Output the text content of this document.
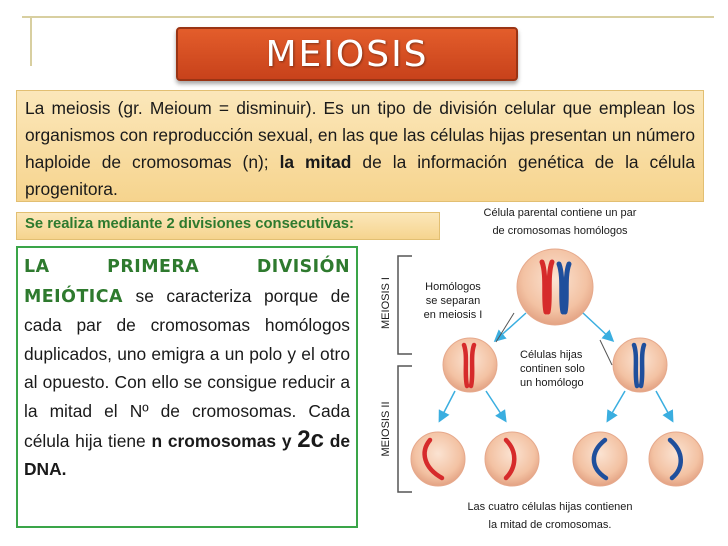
MEIOSIS
La meiosis (gr. Meioum = disminuir). Es un tipo de división celular que emplean los organismos con reproducción sexual, en las que las células hijas presentan un número haploide de cromosomas (n); la mitad de la información genética de la célula progenitora.
Se realiza mediante 2 divisiones consecutivas:
LA PRIMERA DIVISIÓN MEIÓTICA se caracteriza porque de cada par de cromosomas homólogos duplicados, uno emigra a un polo y el otro al opuesto. Con ello se consigue reducir a la mitad el Nº de cromosomas. Cada célula hija tiene n cromosomas y 2c de DNA.
Célula parental contiene un par
de cromosomas homólogos
MEIOSIS I
MEIOSIS II
Homólogos
se separan
en meiosis I
Células hijas
continen solo
un homólogo
Las cuatro células hijas contienen
la mitad de cromosomas.
